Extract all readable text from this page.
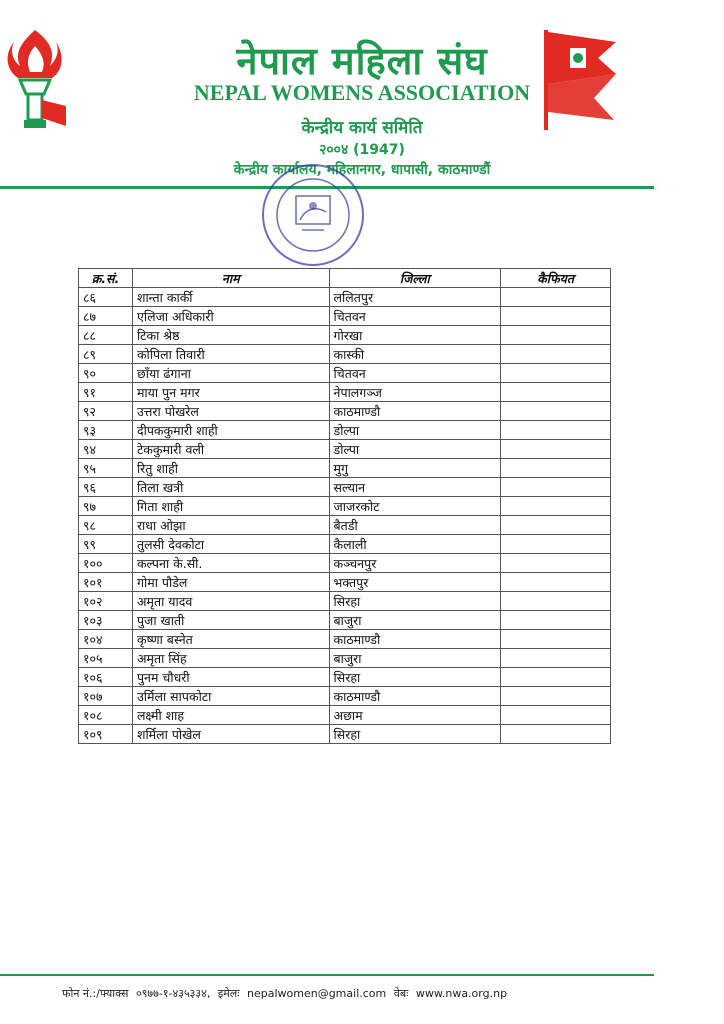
नेपाल महिला संघ
NEPAL WOMENS ASSOCIATION
केन्द्रीय कार्य समिति
२००४ (1947)
केन्द्रीय कार्यालय, महिलानगर, धापासी, काठमाण्डौं
क्र.सं.	नाम	जिल्ला	कैफियत
८६	शान्ता कार्की	ललितपुर	
८७	एलिजा अधिकारी	चितवन	
८८	टिका श्रेष्ठ	गोरखा	
८९	कोपिला तिवारी	कास्की	
९०	छाँया ढंगाना	चितवन	
९१	माया पुन मगर	नेपालगञ्ज	
९२	उत्तरा पोखरेल	काठमाण्डौ	
९३	दीपककुमारी शाही	डोल्पा	
९४	टेककुमारी वली	डोल्पा	
९५	रितु शाही	मुगु	
९६	तिला खत्री	सल्यान	
९७	गिता शाही	जाजरकोट	
९८	राधा ओझा	बैतडी	
९९	तुलसी देवकोटा	कैलाली	
१००	कल्पना के.सी.	कञ्चनपुर	
१०१	गोमा पौडेल	भक्तपुर	
१०२	अमृता यादव	सिरहा	
१०३	पुजा खाती	बाजुरा	
१०४	कृष्णा बस्नेत	काठमाण्डौ	
१०५	अमृता सिंह	बाजुरा	
१०६	पुनम चौधरी	सिरहा	
१०७	उर्मिला सापकोटा	काठमाण्डौ	
१०८	लक्ष्मी शाह	अछाम	
१०९	शर्मिला पोखेल	सिरहा	
फोन नं.:/फ्याक्स ०९७७-१-४३५३३४, इमेलः nepalwomen@gmail.com वेबः www.nwa.org.np
